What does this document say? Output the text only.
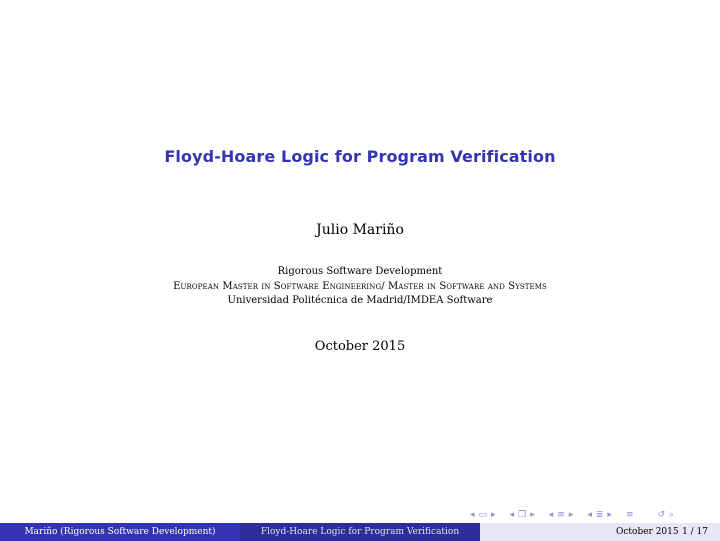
Floyd-Hoare Logic for Program Verification
Julio Mariño
Rigorous Software Development
European Master in Software Engineering/ Master in Software and Systems
Universidad Politécnica de Madrid/IMDEA Software
October 2015
◂ ▭ ▸ ◂ ❐ ▸ ◂ ≡ ▸ ◂ ≣ ▸ ≡	↺ ⌕
Mariño (Rigorous Software Development)	Floyd-Hoare Logic for Program Verification	October 2015 1 / 17
